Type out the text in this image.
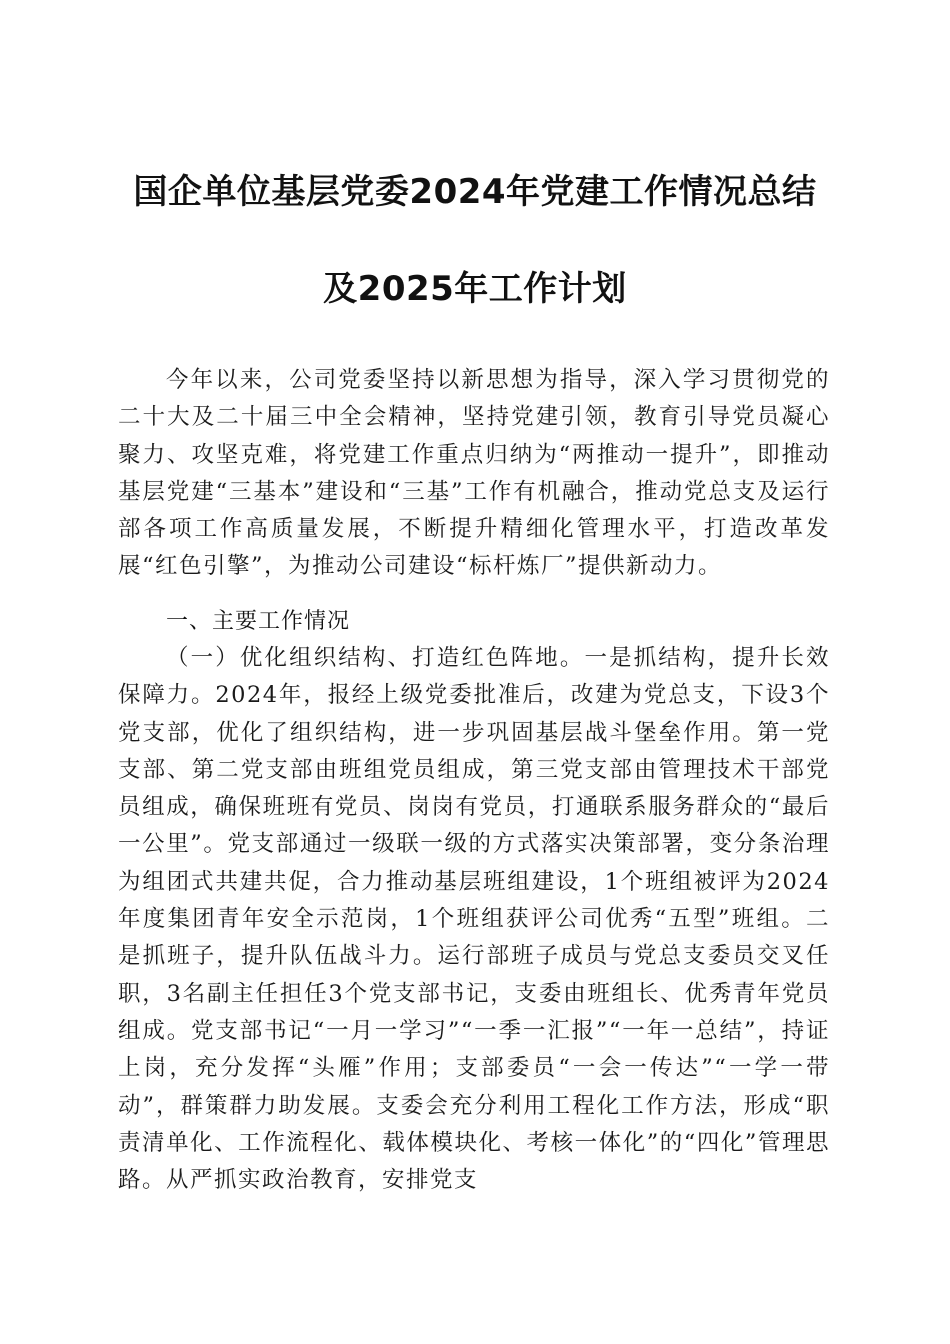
国企单位基层党委2024年党建工作情况总结
及2025年工作计划
今年以来，公司党委坚持以新思想为指导，深入学习贯彻党的二十大及二十届三中全会精神，坚持党建引领，教育引导党员凝心聚力、攻坚克难，将党建工作重点归纳为“两推动一提升”，即推动基层党建“三基本”建设和“三基”工作有机融合，推动党总支及运行部各项工作高质量发展，不断提升精细化管理水平，打造改革发展“红色引擎”，为推动公司建设“标杆炼厂”提供新动力。
一、主要工作情况
（一）优化组织结构、打造红色阵地。一是抓结构，提升长效保障力。2024年，报经上级党委批准后，改建为党总支，下设3个党支部，优化了组织结构，进一步巩固基层战斗堡垒作用。第一党支部、第二党支部由班组党员组成，第三党支部由管理技术干部党员组成，确保班班有党员、岗岗有党员，打通联系服务群众的“最后一公里”。党支部通过一级联一级的方式落实决策部署，变分条治理为组团式共建共促，合力推动基层班组建设，1个班组被评为2024年度集团青年安全示范岗，1个班组获评公司优秀“五型”班组。二是抓班子，提升队伍战斗力。运行部班子成员与党总支委员交叉任职，3名副主任担任3个党支部书记，支委由班组长、优秀青年党员组成。党支部书记“一月一学习”“一季一汇报”“一年一总结”，持证上岗，充分发挥“头雁”作用；支部委员“一会一传达”“一学一带动”，群策群力助发展。支委会充分利用工程化工作方法，形成“职责清单化、工作流程化、载体模块化、考核一体化”的“四化”管理思路。从严抓实政治教育，安排党支
